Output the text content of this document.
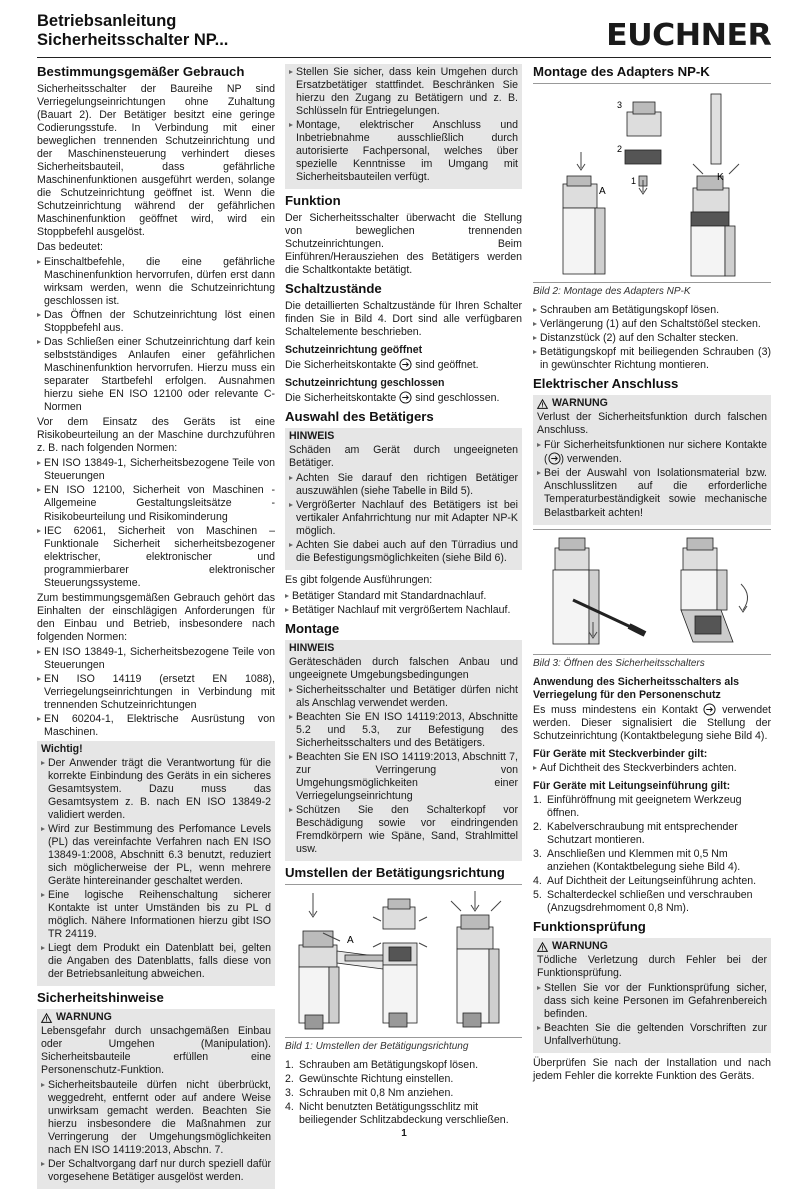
Betriebsanleitung
Sicherheitsschalter NP...	EUCHNER
Bestimmungsgemäßer Gebrauch

Sicherheitsschalter der Baureihe NP sind Verriegelungseinrichtungen ohne Zuhaltung (Bauart 2). Der Betätiger besitzt eine geringe Codierungsstufe. In Verbindung mit einer beweglichen trennenden Schutzeinrichtung und der Maschinensteuerung verhindert dieses Sicherheitsbauteil, dass gefährliche Maschinenfunktionen ausgeführt werden, solange die Schutzeinrichtung geöffnet ist. Wenn die Schutzeinrichtung während der gefährlichen Maschinenfunktion geöffnet wird, wird ein Stoppbefehl ausgelöst.

Das bedeutet:

Einschaltbefehle, die eine gefährliche Maschinenfunktion hervorrufen, dürfen erst dann wirksam werden, wenn die Schutzeinrichtung geschlossen ist.
Das Öffnen der Schutzeinrichtung löst einen Stoppbefehl aus.
Das Schließen einer Schutzeinrichtung darf kein selbstständiges Anlaufen einer gefährlichen Maschinenfunktion hervorrufen. Hierzu muss ein separater Startbefehl erfolgen. Ausnahmen hierzu siehe EN ISO 12100 oder relevante C-Normen

Vor dem Einsatz des Geräts ist eine Risikobeurteilung an der Maschine durchzuführen z. B. nach folgenden Normen:

EN ISO 13849-1, Sicherheitsbezogene Teile von Steuerungen
EN ISO 12100, Sicherheit von Maschinen - Allgemeine Gestaltungsleitsätze - Risikobeurteilung und Risikominderung
IEC 62061, Sicherheit von Maschinen – Funktionale Sicherheit sicherheitsbezogener elektrischer, elektronischer und programmierbarer elektronischer Steuerungssysteme.

Zum bestimmungsgemäßen Gebrauch gehört das Einhalten der einschlägigen Anforderungen für den Einbau und Betrieb, insbesondere nach folgenden Normen:

EN ISO 13849-1, Sicherheitsbezogene Teile von Steuerungen
EN ISO 14119 (ersetzt EN 1088), Verriegelungseinrichtungen in Verbindung mit trennenden Schutzeinrichtungen
EN 60204-1, Elektrische Ausrüstung von Maschinen.
Wichtig!
Der Anwender trägt die Verantwortung für die korrekte Einbindung des Geräts in ein sicheres Gesamtsystem. Dazu muss das Gesamtsystem z. B. nach EN ISO 13849-2 validiert werden.
Wird zur Bestimmung des Perfomance Levels (PL) das vereinfachte Verfahren nach EN ISO 13849-1:2008, Abschnitt 6.3 benutzt, reduziert sich möglicherweise der PL, wenn mehrere Geräte hintereinander geschaltet werden.
Eine logische Reihenschaltung sicherer Kontakte ist unter Umständen bis zu PL d möglich. Nähere Informationen hierzu gibt ISO TR 24119.
Liegt dem Produkt ein Datenblatt bei, gelten die Angaben des Datenblatts, falls diese von der Betriebsanleitung abweichen.
Sicherheitshinweise
WARNUNG

Lebensgefahr durch unsachgemäßen Einbau oder Umgehen (Manipulation). Sicherheitsbauteile erfüllen eine Personenschutz-Funktion.

Sicherheitsbauteile dürfen nicht überbrückt, weggedreht, entfernt oder auf andere Weise unwirksam gemacht werden. Beachten Sie hierzu insbesondere die Maßnahmen zur Verringerung der Umgehungsmöglichkeiten nach EN ISO 14119:2013, Abschn. 7.
Der Schaltvorgang darf nur durch speziell dafür vorgesehene Betätiger ausgelöst werden.
Stellen Sie sicher, dass kein Umgehen durch Ersatzbetätiger stattfindet. Beschränken Sie hierzu den Zugang zu Betätigern und z. B. Schlüsseln für Entriegelungen.
Montage, elektrischer Anschluss und Inbetriebnahme ausschließlich durch autorisierte Fachpersonal, welches über spezielle Kenntnisse im Umgang mit Sicherheitsbauteilen verfügt.
Funktion

Der Sicherheitsschalter überwacht die Stellung von beweglichen trennenden Schutzeinrichtungen. Beim Einführen/Herausziehen des Betätigers werden die Schaltkontakte betätigt.

Schaltzustände

Die detaillierten Schaltzustände für Ihren Schalter finden Sie in Bild 4. Dort sind alle verfügbaren Schaltelemente beschrieben.

Schutzeinrichtung geöffnet

Die Sicherheitskontakte sind geöffnet.

Schutzeinrichtung geschlossen

Die Sicherheitskontakte sind geschlossen.

Auswahl des Betätigers
HINWEIS

Schäden am Gerät durch ungeeigneten Betätiger.

Achten Sie darauf den richtigen Betätiger auszuwählen (siehe Tabelle in Bild 5).
Vergrößerter Nachlauf des Betätigers ist bei vertikaler Anfahrrichtung nur mit Adapter NP-K möglich.
Achten Sie dabei auch auf den Türradius und die Befestigungsmöglichkeiten (siehe Bild 6).

Es gibt folgende Ausführungen:

Betätiger Standard mit Standardnachlauf.
Betätiger Nachlauf mit vergrößertem Nachlauf.
Montage
HINWEIS

Geräteschäden durch falschen Anbau und ungeeignete Umgebungsbedingungen

Sicherheitsschalter und Betätiger dürfen nicht als Anschlag verwendet werden.
Beachten Sie EN ISO 14119:2013, Abschnitte 5.2 und 5.3, zur Befestigung des Sicherheitsschalters und des Betätigers.
Beachten Sie EN ISO 14119:2013, Abschnitt 7, zur Verringerung von Umgehungsmöglichkeiten einer Verriegelungseinrichtung
Schützen Sie den Schalterkopf vor Beschädigung sowie vor eindringenden Fremdkörpern wie Späne, Sand, Strahlmittel usw.
Umstellen der Betätigungsrichtung
A
Bild 1: Umstellen der Betätigungsrichtung
1. Schrauben am Betätigungskopf lösen.
2. Gewünschte Richtung einstellen.
3. Schrauben mit 0,8 Nm anziehen.
4. Nicht benutzten Betätigungsschlitz mit beiliegender Schlitzabdeckung verschließen.
Montage des Adapters NP-K
3
2
1
A
K
Bild 2: Montage des Adapters NP-K
Schrauben am Betätigungskopf lösen.
Verlängerung (1) auf den Schaltstößel stecken.
Distanzstück (2) auf den Schalter stecken.
Betätigungskopf mit beiliegenden Schrauben (3) in gewünschter Richtung montieren.
Elektrischer Anschluss
WARNUNG

Verlust der Sicherheitsfunktion durch falschen Anschluss.

Für Sicherheitsfunktionen nur sichere Kontakte ( ) verwenden.
Bei der Auswahl von Isolationsmaterial bzw. Anschlusslitzen auf die erforderliche Temperaturbeständigkeit sowie mechanische Belastbarkeit achten!
Bild 3: Öffnen des Sicherheitsschalters
Anwendung des Sicherheitsschalters als Verriegelung für den Personenschutz

Es muss mindestens ein Kontakt verwendet werden. Dieser signalisiert die Stellung der Schutzeinrichtung (Kontaktbelegung siehe Bild 4).

Für Geräte mit Steckverbinder gilt:
Auf Dichtheit des Steckverbinders achten.
Für Geräte mit Leitungseinführung gilt:
1. Einführöffnung mit geeignetem Werkzeug öffnen.
2. Kabelverschraubung mit entsprechender Schutzart montieren.
3. Anschließen und Klemmen mit 0,5 Nm anziehen (Kontaktbelegung siehe Bild 4).
4. Auf Dichtheit der Leitungseinführung achten.
5. Schalterdeckel schließen und verschrauben (Anzugsdrehmoment 0,8 Nm).
Funktionsprüfung
WARNUNG

Tödliche Verletzung durch Fehler bei der Funktionsprüfung.

Stellen Sie vor der Funktionsprüfung sicher, dass sich keine Personen im Gefahrenbereich befinden.
Beachten Sie die geltenden Vorschriften zur Unfallverhütung.

Überprüfen Sie nach der Installation und nach jedem Fehler die korrekte Funktion des Geräts.

1
